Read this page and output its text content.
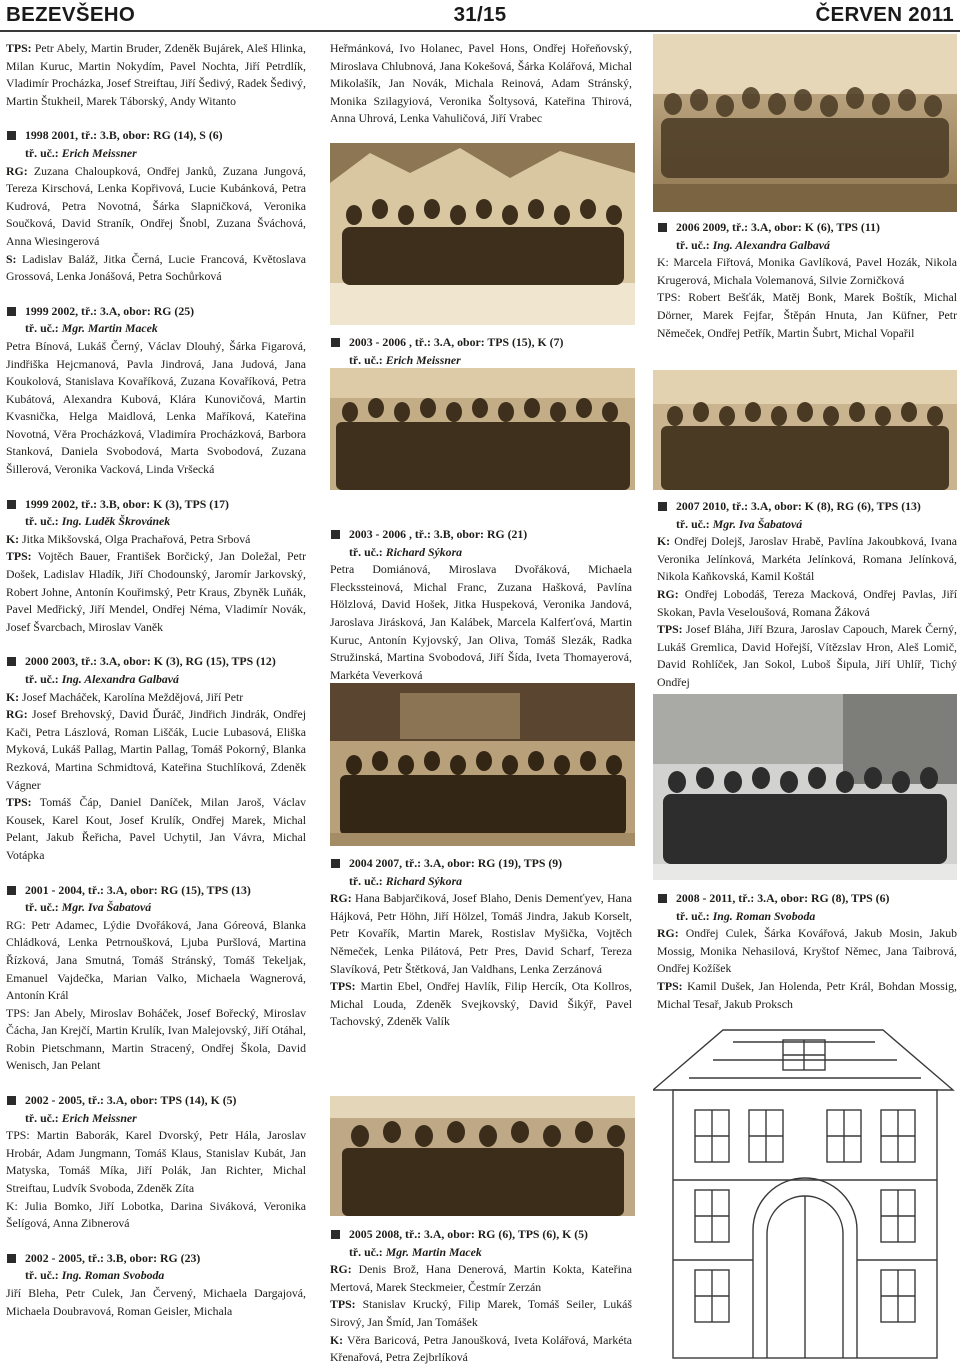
BEZEVŠEHO	31/15	ČERVEN 2011

TPS: Petr Abely, Martin Bruder, Zdeněk Bujárek, Aleš Hlinka, Milan Kuruc, Martin Nokydím, Pavel Nochta, Jiří Petrdlík, Vladimír Procházka, Josef Streiftau, Jiří Šedivý, Radek Šedivý, Martin Štukheil, Marek Táborský, Andy Witanto

1998 2001, tř.: 3.B, obor: RG (14), S (6)

tř. uč.: Erich Meissner

RG: Zuzana Chaloupková, Ondřej Janků, Zuzana Jungová, Tereza Kirschová, Lenka Kopřivová, Lucie Kubánková, Petra Kudrová, Petra Novotná, Šárka Slapničková, Veronika Součková, David Straník, Ondřej Šnobl, Zuzana Šváchová, Anna Wiesingerová

S: Ladislav Baláž, Jitka Černá, Lucie Francová, Květoslava Grossová, Lenka Jonášová, Petra Sochůrková

1999 2002, tř.: 3.A, obor: RG (25)

tř. uč.: Mgr. Martin Macek

Petra Bínová, Lukáš Černý, Václav Dlouhý, Šárka Figarová, Jindřiška Hejcmanová, Pavla Jindrová, Jana Judová, Jana Koukolová, Stanislava Kovaříková, Zuzana Kovaříková, Petra Kubátová, Alexandra Kubová, Klára Kunovičová, Martin Kvasnička, Helga Maidlová, Lenka Maříková, Kateřina Novotná, Věra Procházková, Vladimíra Procházková, Barbora Stanková, Daniela Svobodová, Marta Svobodová, Zuzana Šillerová, Veronika Vacková, Linda Vršecká

1999 2002, tř.: 3.B, obor: K (3), TPS (17)

tř. uč.: Ing. Luděk Škrovánek

K: Jitka Mikšovská, Olga Prachařová, Petra Srbová

TPS: Vojtěch Bauer, František Borčický, Jan Doležal, Petr Došek, Ladislav Hladík, Jiří Chodounský, Jaromír Jarkovský, Robert Johne, Antonín Kouřimský, Petr Kraus, Zbyněk Luňák, Pavel Medřický, Jiří Mendel, Ondřej Néma, Vladimír Novák, Josef Švarcbach, Miroslav Vaněk

2000 2003, tř.: 3.A, obor: K (3), RG (15), TPS (12)

tř. uč.: Ing. Alexandra Galbavá

K: Josef Macháček, Karolína Meždějová, Jiří Petr

RG: Josef Brehovský, David Ďuráč, Jindřich Jindrák, Ondřej Kači, Petra Lászlová, Roman Liščák, Lucie Lubasová, Eliška Myková, Lukáš Pallag, Martin Pallag, Tomáš Pokorný, Blanka Rezková, Martina Schmidtová, Kateřina Stuchlíková, Zdeněk Vágner

TPS: Tomáš Čáp, Daniel Daníček, Milan Jaroš, Václav Kousek, Karel Kout, Josef Krulík, Ondřej Marek, Michal Pelant, Jakub Řeřicha, Pavel Uchytil, Jan Vávra, Michal Votápka

2001 - 2004, tř.: 3.A, obor: RG (15), TPS (13)

tř. uč.: Mgr. Iva Šabatová

RG: Petr Adamec, Lýdie Dvořáková, Jana Góreová, Blanka Chládková, Lenka Petrnoušková, Ljuba Puršlová, Martina Řízková, Jana Smutná, Tomáš Stránský, Tomáš Tekeljak, Emanuel Vajdečka, Marian Valko, Michaela Wagnerová, Antonín Král

TPS: Jan Abely, Miroslav Boháček, Josef Bořecký, Miroslav Čácha, Jan Krejčí, Martin Krulík, Ivan Malejovský, Jiří Otáhal, Robin Pietschmann, Martin Stracený, Ondřej Škola, David Wenisch, Jan Pelant

2002 - 2005, tř.: 3.A, obor: TPS (14), K (5)

tř. uč.: Erich Meissner

TPS: Martin Baborák, Karel Dvorský, Petr Hála, Jaroslav Hrobár, Adam Jungmann, Tomáš Klaus, Stanislav Kubát, Jan Matyska, Tomáš Míka, Jiří Polák, Jan Richter, Michal Streiftau, Ludvík Svoboda, Zdeněk Zíta

K: Julia Bomko, Jiří Lobotka, Darina Siváková, Veronika Šelígová, Anna Zibnerová

2002 - 2005, tř.: 3.B, obor: RG (23)

tř. uč.: Ing. Roman Svoboda

Jiří Bleha, Petr Culek, Jan Červený, Michaela Dargajová, Michaela Doubravová, Roman Geisler, Michala

Heřmánková, Ivo Holanec, Pavel Hons, Ondřej Hořeňovský, Miroslava Chlubnová, Jana Kokešová, Šárka Kolářová, Michal Mikolašík, Jan Novák, Michala Reinová, Adam Stránský, Monika Szilagyiová, Veronika Šoltysová, Kateřina Thirová, Anna Uhrová, Lenka Vahuličová, Jiří Vrabec

2003 - 2006 , tř.: 3.A, obor: TPS (15), K (7)

tř. uč.: Erich Meissner

2003 - 2006 , tř.: 3.B, obor: RG (21)

tř. uč.: Richard Sýkora

Petra Domiánová, Miroslava Dvořáková, Michaela Fleckssteinová, Michal Franc, Zuzana Hašková, Pavlína Hölzlová, David Hošek, Jitka Huspeková, Veronika Jandová, Jaroslava Jirásková, Jan Kalábek, Marcela Kalferťová, Martin Kuruc, Antonín Kyjovský, Jan Oliva, Tomáš Slezák, Radka Stružinská, Martina Svobodová, Jiří Šída, Iveta Thomayerová, Markéta Veverková

2004 2007, tř.: 3.A, obor: RG (19), TPS (9)

tř. uč.: Richard Sýkora

RG: Hana Babjarčiková, Josef Blaho, Denis Demenťyev, Hana Hájková, Petr Höhn, Jiří Hölzel, Tomáš Jindra, Jakub Korselt, Petr Kovařík, Martin Marek, Rostislav Myšička, Vojtěch Němeček, Lenka Pilátová, Petr Pres, David Scharf, Tereza Slavíková, Petr Štětková, Jan Valdhans, Lenka Zerzánová

TPS: Martin Ebel, Ondřej Havlík, Filip Hercík, Ota Kollros, Michal Louda, Zdeněk Svejkovský, David Šikýř, Pavel Tachovský, Zdeněk Valík

2005 2008, tř.: 3.A, obor: RG (6), TPS (6), K (5)

tř. uč.: Mgr. Martin Macek

RG: Denis Brož, Hana Denerová, Martin Kokta, Kateřina Mertová, Marek Steckmeier, Čestmír Zerzán

TPS: Stanislav Krucký, Filip Marek, Tomáš Seiler, Lukáš Sirový, Jan Šmíd, Jan Tomášek

K: Věra Baricová, Petra Janoušková, Iveta Kolářová, Markéta Křenařová, Petra Zejbrlíková

2006 2009, tř.: 3.A, obor: K (6), TPS (11)

tř. uč.: Ing. Alexandra Galbavá

K: Marcela Fiřtová, Monika Gavlíková, Pavel Hozák, Nikola Krugerová, Michala Volemanová, Silvie Zorničková

TPS: Robert Bešťák, Matěj Bonk, Marek Boštík, Michal Dörner, Marek Fejfar, Štěpán Hnuta, Jan Küfner, Petr Němeček, Ondřej Petřík, Martin Šubrt, Michal Vopařil

2007 2010, tř.: 3.A, obor: K (8), RG (6), TPS (13)

tř. uč.: Mgr. Iva Šabatová

K: Ondřej Dolejš, Jaroslav Hrabě, Pavlína Jakoubková, Ivana Veronika Jelínková, Markéta Jelínková, Romana Jelínková, Nikola Kaňkovská, Kamil Koštál

RG: Ondřej Lobodáš, Tereza Macková, Ondřej Pavlas, Jiří Skokan, Pavla Veseloušová, Romana Žáková

TPS: Josef Bláha, Jiří Bzura, Jaroslav Capouch, Marek Černý, Lukáš Gremlica, David Hořejší, Vítězslav Hron, Aleš Lomič, David Rohlíček, Jan Sokol, Luboš Šipula, Jiří Uhlíř, Tichý Ondřej

2008 - 2011, tř.: 3.A, obor: RG (8), TPS (6)

tř. uč.: Ing. Roman Svoboda

RG: Ondřej Culek, Šárka Kovářová, Jakub Mosin, Jakub Mossig, Monika Nehasilová, Kryštof Němec, Jana Taibrová, Ondřej Kožíšek

TPS: Kamil Dušek, Jan Holenda, Petr Král, Bohdan Mossig, Michal Tesař, Jakub Proksch
